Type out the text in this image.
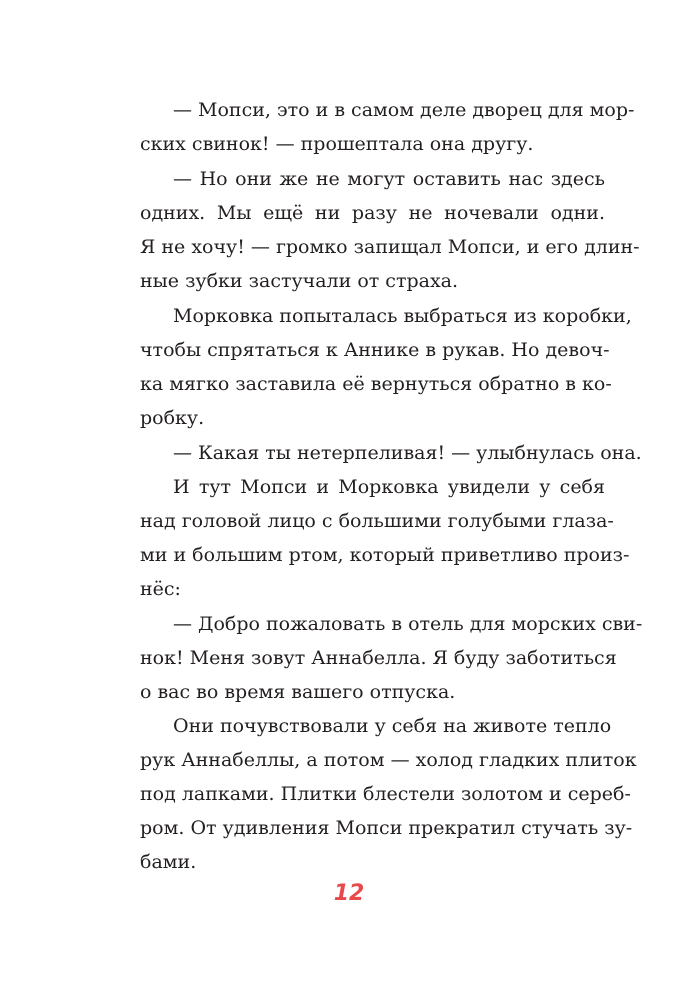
— Мопси, это и в самом деле дворец для мор-
ских свинок! — прошептала она другу.
— Но они же не могут оставить нас здесь
одних. Мы ещё ни разу не ночевали одни.
Я не хочу! — громко запищал Мопси, и его длин-
ные зубки застучали от страха.
Морковка попыталась выбраться из коробки,
чтобы спрятаться к Аннике в рукав. Но девоч-
ка мягко заставила её вернуться обратно в ко-
робку.
— Какая ты нетерпеливая! — улыбнулась она.
И тут Мопси и Морковка увидели у себя
над головой лицо с большими голубыми глаза-
ми и большим ртом, который приветливо произ-
нёс:
— Добро пожаловать в отель для морских сви-
нок! Меня зовут Аннабелла. Я буду заботиться
о вас во время вашего отпуска.
Они почувствовали у себя на животе тепло
рук Аннабеллы, а потом — холод гладких плиток
под лапками. Плитки блестели золотом и сереб-
ром. От удивления Мопси прекратил стучать зу-
бами.
12
